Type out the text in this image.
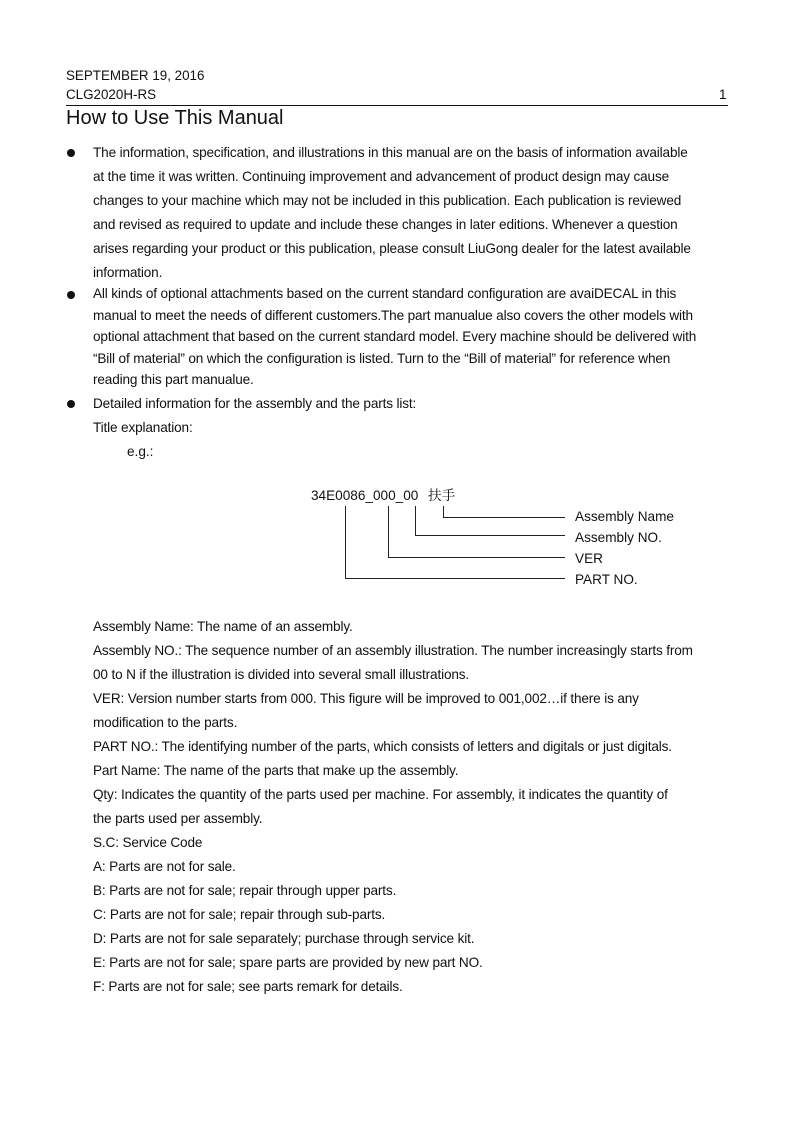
SEPTEMBER 19, 2016
CLG2020H-RS	1
How to Use This Manual
The information, specification, and illustrations in this manual are on the basis of information available
at the time it was written. Continuing improvement and advancement of product design may cause
changes to your machine which may not be included in this publication. Each publication is reviewed
and revised as required to update and include these changes in later editions. Whenever a question
arises regarding your product or this publication, please consult LiuGong dealer for the latest available
information.
All kinds of optional attachments based on the current standard configuration are avaiDECAL in this
manual to meet the needs of different customers.The part manualue also covers the other models with
optional attachment that based on the current standard model. Every machine should be delivered with
“Bill of material” on which the configuration is listed. Turn to the “Bill of material” for reference when
reading this part manualue.
Detailed information for the assembly and the parts list:
Title explanation:
e.g.:
34E0086_000_00 扶手
Assembly Name
Assembly NO.
VER
PART NO.
Assembly Name: The name of an assembly.
Assembly NO.: The sequence number of an assembly illustration. The number increasingly starts from
00 to N if the illustration is divided into several small illustrations.
VER: Version number starts from 000. This figure will be improved to 001,002…if there is any
modification to the parts.
PART NO.: The identifying number of the parts, which consists of letters and digitals or just digitals.
Part Name: The name of the parts that make up the assembly.
Qty: Indicates the quantity of the parts used per machine. For assembly, it indicates the quantity of
the parts used per assembly.
S.C: Service Code
A: Parts are not for sale.
B: Parts are not for sale; repair through upper parts.
C: Parts are not for sale; repair through sub-parts.
D: Parts are not for sale separately; purchase through service kit.
E: Parts are not for sale; spare parts are provided by new part NO.
F: Parts are not for sale; see parts remark for details.
